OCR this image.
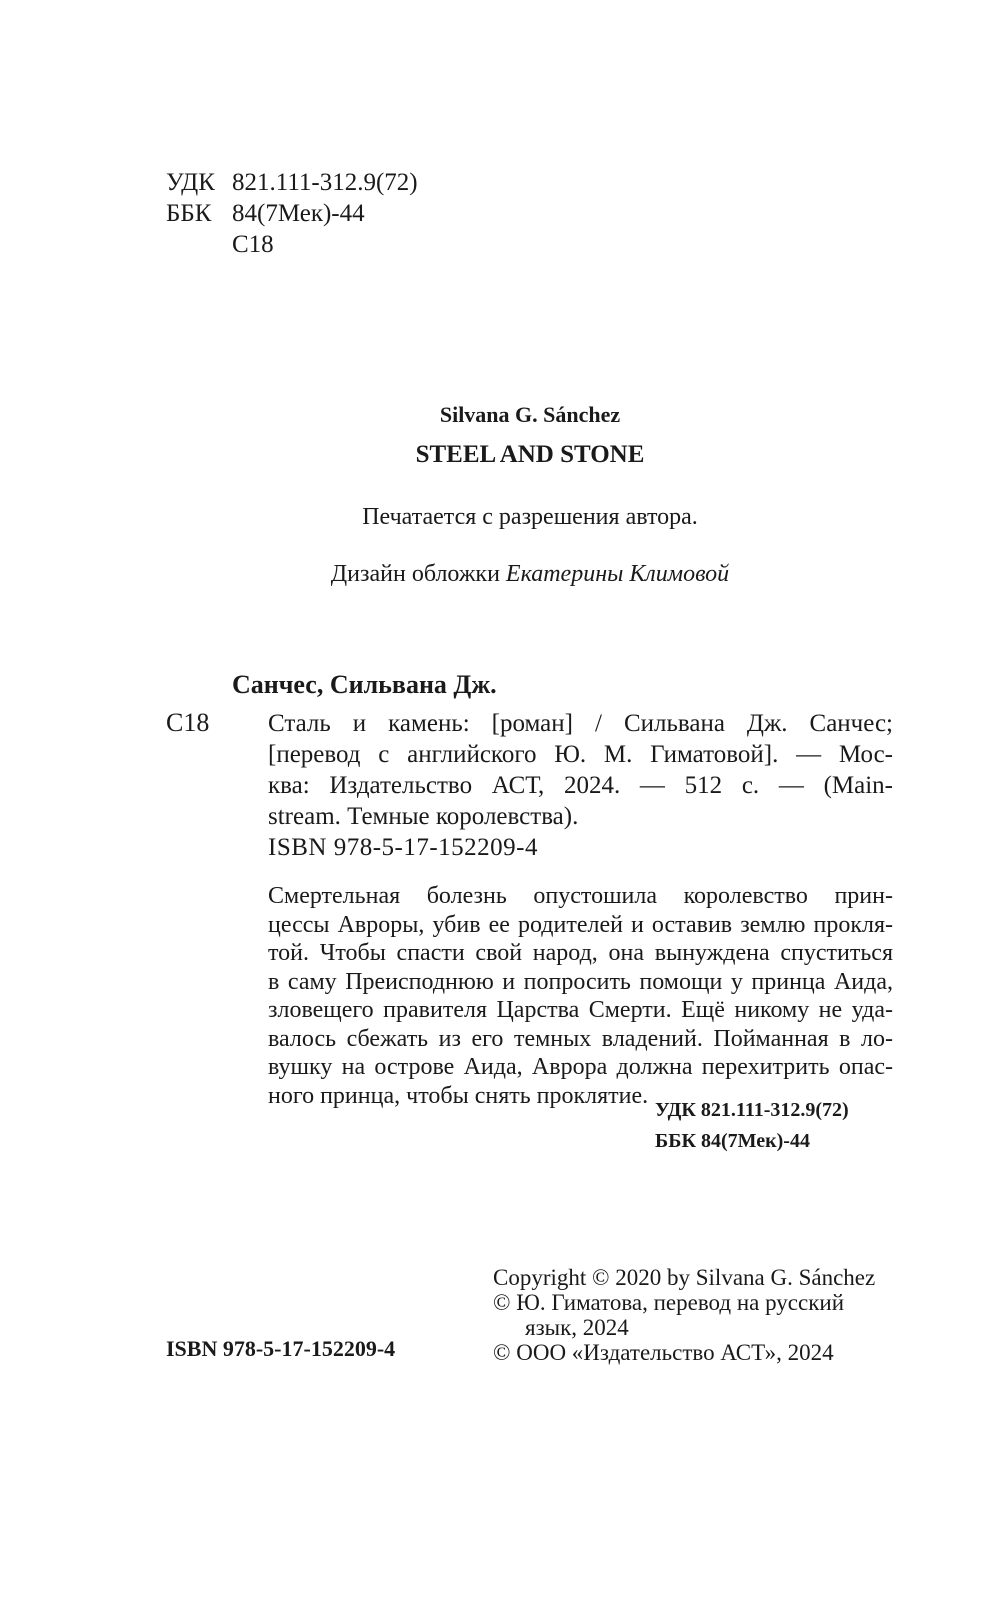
УДК 821.111-312.9(72)
ББК 84(7Мек)-44
С18
Silvana G. Sánchez
STEEL AND STONE
Печатается с разрешения автора.
Дизайн обложки Екатерины Климовой
Санчес, Сильвана Дж.
С18 Сталь и камень: [роман] / Сильвана Дж. Санчес;
[перевод с английского Ю. М. Гиматовой]. — Мос-
ква: Издательство АСТ, 2024. — 512 с. — (Main-
stream. Темные королевства).
ISBN 978-5-17-152209-4
Смертельная болезнь опустошила королевство прин-
цессы Авроры, убив ее родителей и оставив землю прокля-
той. Чтобы спасти свой народ, она вынуждена спуститься
в саму Преисподнюю и попросить помощи у принца Аида,
зловещего правителя Царства Смерти. Ещё никому не уда-
валось сбежать из его темных владений. Пойманная в ло-
вушку на острове Аида, Аврора должна перехитрить опас-
ного принца, чтобы снять проклятие.
УДК 821.111-312.9(72)
ББК 84(7Мек)-44
ISBN 978-5-17-152209-4
Copyright © 2020 by Silvana G. Sánchez
© Ю. Гиматова, перевод на русский
язык, 2024
© ООО «Издательство АСТ», 2024
